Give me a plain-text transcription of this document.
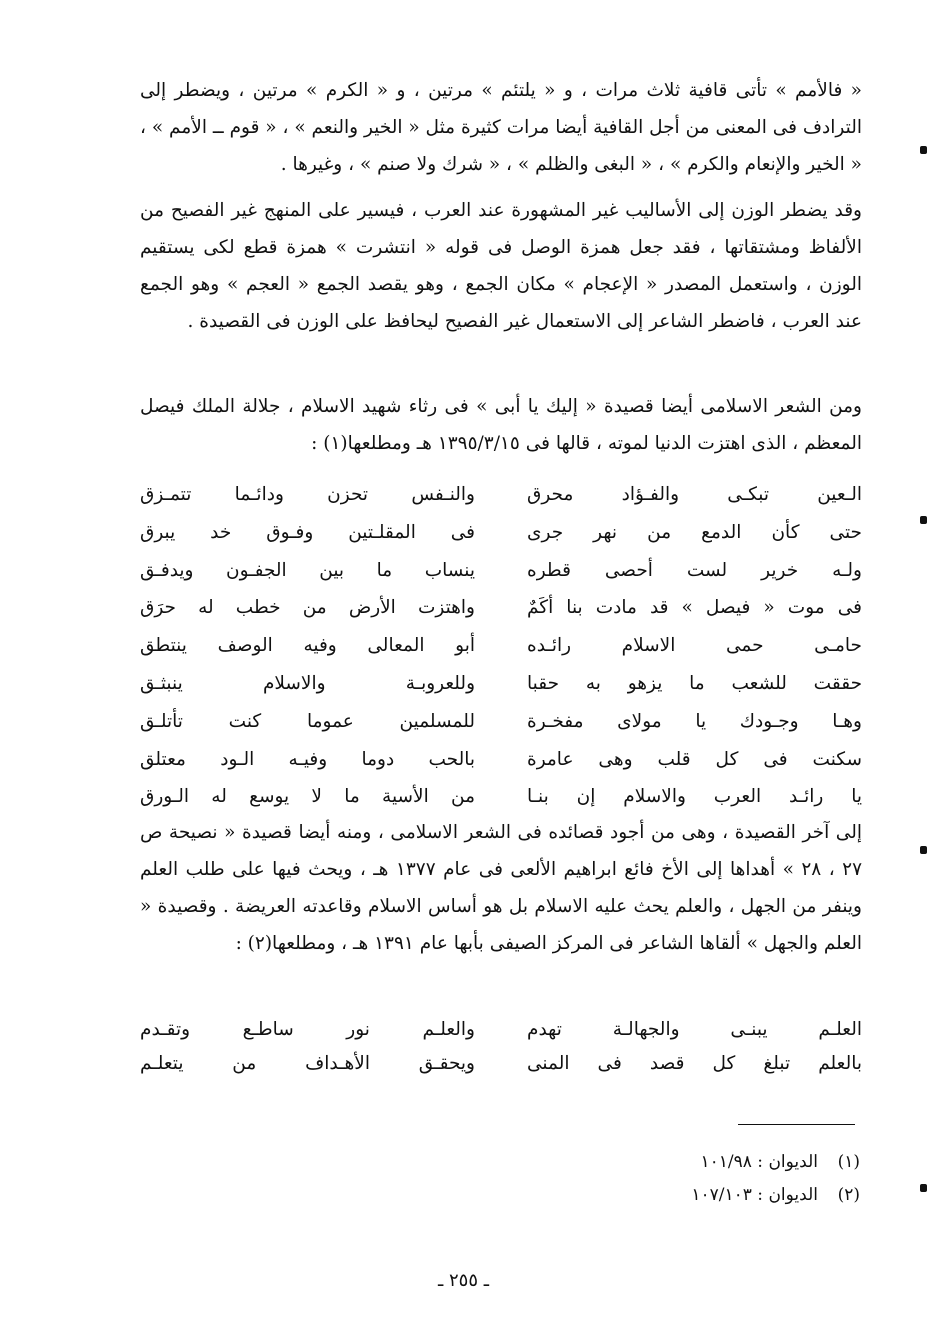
« فالأمم » تأتى قافية ثلاث مرات ، و « يلتئم » مرتين ، و « الكرم » مرتين ، ويضطر إلى الترادف فى المعنى من أجل القافية أيضا مرات كثيرة مثل « الخير والنعم » ، « قوم ــ الأمم » ، « الخير والإنعام والكرم » ، « البغى والظلم » ، « شرك ولا صنم » ، وغيرها .

وقد يضطر الوزن إلى الأساليب غير المشهورة عند العرب ، فيسير على المنهج غير الفصيح من الألفاظ ومشتقاتها ، فقد جعل همزة الوصل فى قوله « انتشرت » همزة قطع لكى يستقيم الوزن ، واستعمل المصدر « الإعجام » مكان الجمع ، وهو يقصد الجمع « العجم » وهو الجمع عند العرب ، فاضطر الشاعر إلى الاستعمال غير الفصيح ليحافظ على الوزن فى القصيدة .

ومن الشعر الاسلامى أيضا قصيدة « إليك يا أبى » فى رثاء شهيد الاسلام ، جلالة الملك فيصل المعظم ، الذى اهتزت الدنيا لموته ، قالها فى ١٣٩٥/٣/١٥ هـ ومطلعها(١) :

الـعين تبكـى والفـؤاد محرق
والنـفس تحزن ودائـما تتمـزق
حتى كأن الدمع من نهر جرى
فى المقلـتين وفـوق خد يبرق
ولـه خرير لست أحصى قطره
ينساب ما بين الجفـون ويدفـق
فى موت « فيصل » قد مادت بنا أكَمٌ
واهتزت الأرض من خطب له حرَق
حامـى حمى الاسلام رائـده
أبو المعالى وفيه الوصف ينتطق
حققت للشعب ما يزهو به حقبا
وللعروبـة والاسلام ينبثـق
وهـا وجـودك يا مولاى مفخـرة
للمسلمين عموما كنت تأتلـق
سكنت فى كل قلب وهى عامرة
بالحب دوما وفيـه الـود معتلق
يا رائـد العرب والاسلام إن بنـا
من الأسية ما لا يوسع له الـورق

إلى آخر القصيدة ، وهى من أجود قصائده فى الشعر الاسلامى ، ومنه أيضا قصيدة « نصيحة ص ٢٧ ، ٢٨ » أهداها إلى الأخ فائع ابراهيم الألعى فى عام ١٣٧٧ هـ ، ويحث فيها على طلب العلم وينفر من الجهل ، والعلم يحث عليه الاسلام بل هو أساس الاسلام وقاعدته العريضة . وقصيدة « العلم والجهل » ألقاها الشاعر فى المركز الصيفى بأبها عام ١٣٩١ هـ ، ومطلعها(٢) :

العلـم يبنـى والجهالـة تهدم
والعلـم نور ساطـع وتقـدم
بالعلم تبلغ كل قصد فى المنى
ويحقـق الأهـداف من يتعلـم
(١)
الديوان : ١٠١/٩٨
(٢)
الديوان : ١٠٧/١٠٣
ـ ٢٥٥ ـ
